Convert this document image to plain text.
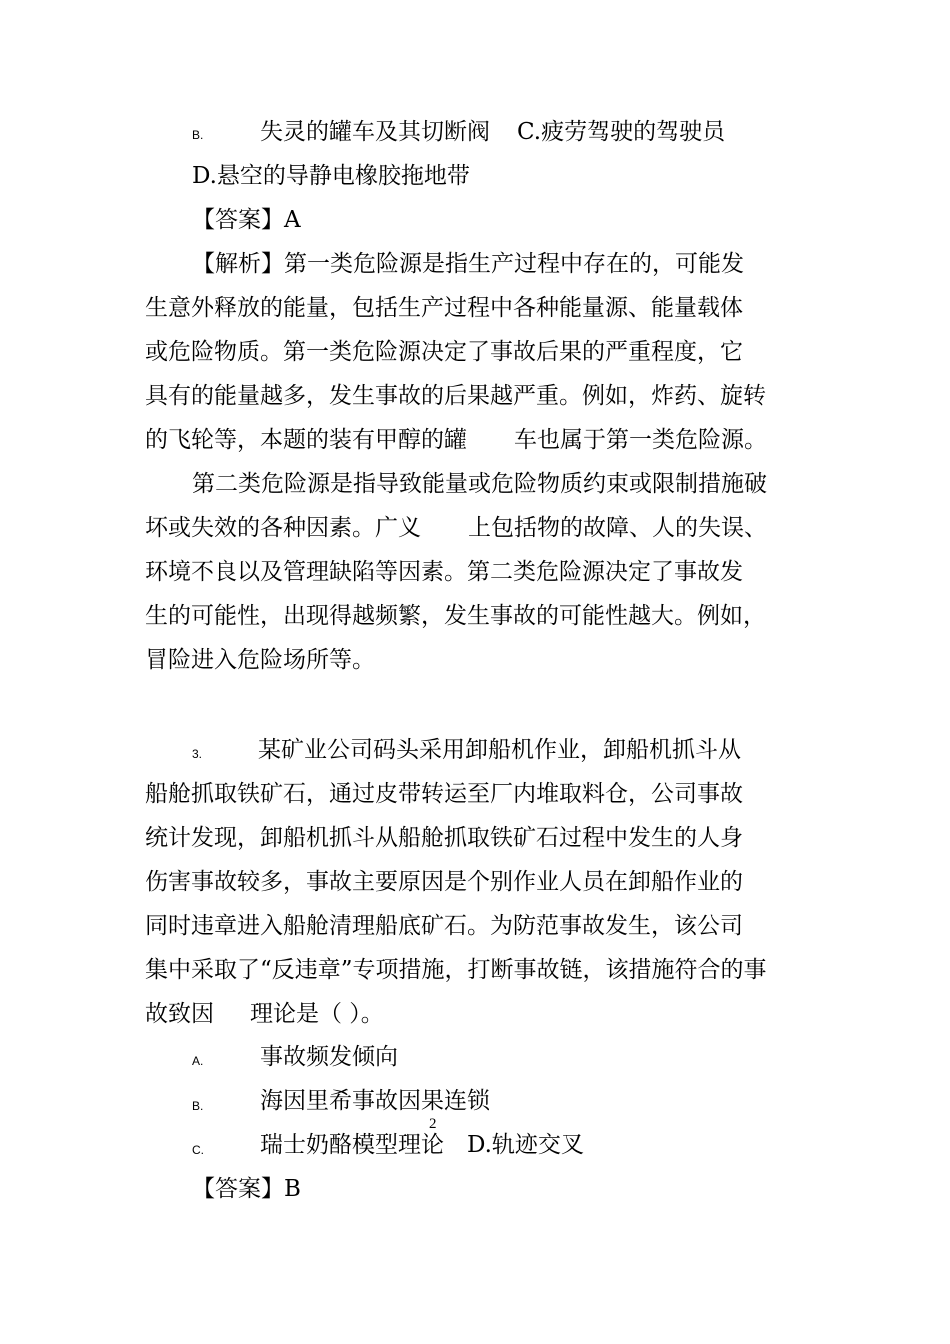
B. 失灵的罐车及其切断阀 C.疲劳驾驶的驾驶员
D.悬空的导静电橡胶拖地带
【答案】A
【解析】第一类危险源是指生产过程中存在的，可能发
生意外释放的能量，包括生产过程中各种能量源、能量载体
或危险物质。第一类危险源决定了事故后果的严重程度，它
具有的能量越多，发生事故的后果越严重。例如，炸药、旋转
的飞轮等，本题的装有甲醇的罐 车也属于第一类危险源。
第二类危险源是指导致能量或危险物质约束或限制措施破
坏或失效的各种因素。广义 上包括物的故障、人的失误、
环境不良以及管理缺陷等因素。第二类危险源决定了事故发
生的可能性，出现得越频繁，发生事故的可能性越大。例如，
冒险进入危险场所等。
3. 某矿业公司码头采用卸船机作业，卸船机抓斗从
船舱抓取铁矿石，通过皮带转运至厂内堆取料仓，公司事故
统计发现，卸船机抓斗从船舱抓取铁矿石过程中发生的人身
伤害事故较多，事故主要原因是个别作业人员在卸船作业的
同时违章进入船舱清理船底矿石。为防范事故发生，该公司
集中采取了“反违章”专项措施，打断事故链，该措施符合的事
故致因 理论是（ ）。
A. 事故频发倾向
B. 海因里希事故因果连锁
2
C. 瑞士奶酪模型理论 D.轨迹交叉
【答案】B
